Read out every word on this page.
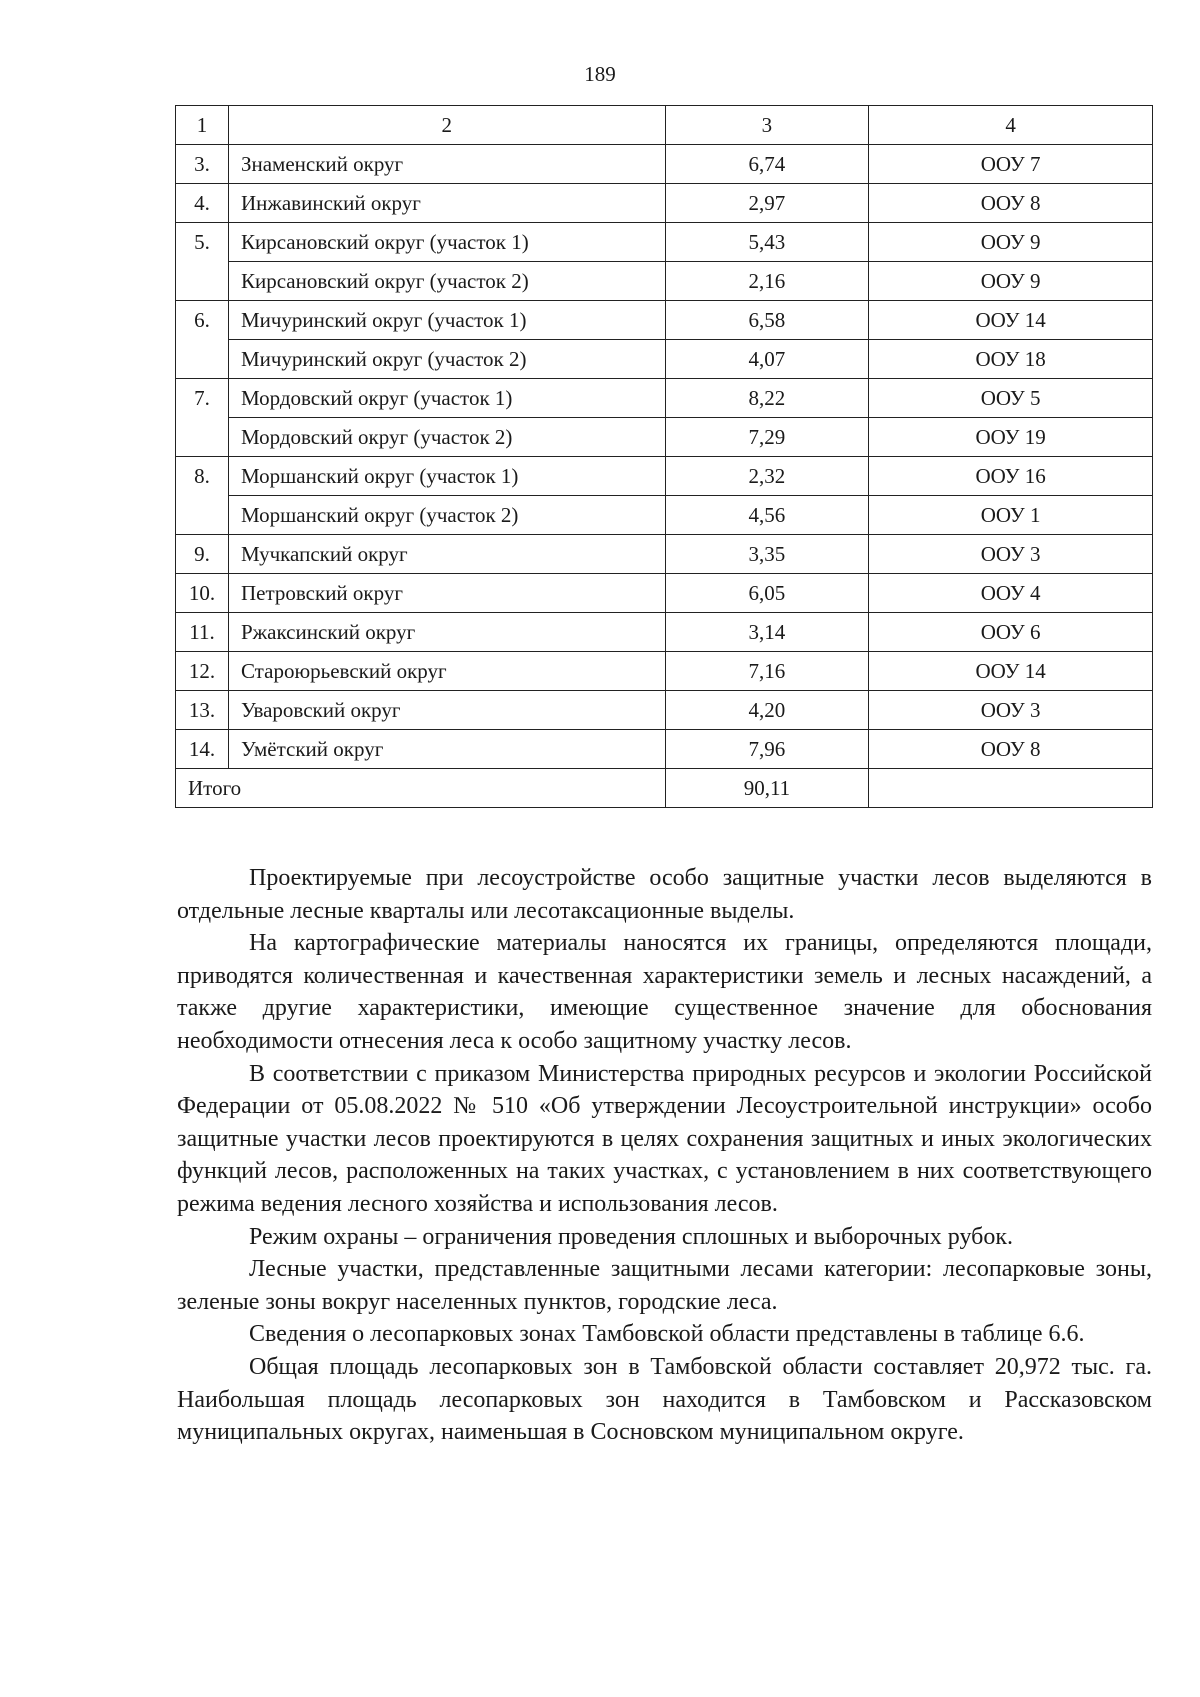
189
1	2	3	4
3.	Знаменский округ	6,74	ООУ 7
4.	Инжавинский округ	2,97	ООУ 8
5.	Кирсановский округ (участок 1)	5,43	ООУ 9
	Кирсановский округ (участок 2)	2,16	ООУ 9
6.	Мичуринский округ (участок 1)	6,58	ООУ 14
	Мичуринский округ (участок 2)	4,07	ООУ 18
7.	Мордовский округ (участок 1)	8,22	ООУ 5
	Мордовский округ (участок 2)	7,29	ООУ 19
8.	Моршанский округ (участок 1)	2,32	ООУ 16
	Моршанский округ (участок 2)	4,56	ООУ 1
9.	Мучкапский округ	3,35	ООУ 3
10.	Петровский округ	6,05	ООУ 4
11.	Ржаксинский округ	3,14	ООУ 6
12.	Староюрьевский округ	7,16	ООУ 14
13.	Уваровский округ	4,20	ООУ 3
14.	Умётский округ	7,96	ООУ 8
Итого		90,11	

Проектируемые при лесоустройстве особо защитные участки лесов выделяются в отдельные лесные кварталы или лесотаксационные выделы.

На картографические материалы наносятся их границы, определяются площади, приводятся количественная и качественная характеристики земель и лесных насаждений, а также другие характеристики, имеющие существенное значение для обоснования необходимости отнесения леса к особо защитному участку лесов.

В соответствии с приказом Министерства природных ресурсов и экологии Российской Федерации от 05.08.2022 № 510 «Об утверждении Лесоустроительной инструкции» особо защитные участки лесов проектируются в целях сохранения защитных и иных экологических функций лесов, расположенных на таких участках, с установлением в них соответствующего режима ведения лесного хозяйства и использования лесов.

Режим охраны – ограничения проведения сплошных и выборочных рубок.

Лесные участки, представленные защитными лесами категории: лесопарковые зоны, зеленые зоны вокруг населенных пунктов, городские леса.

Сведения о лесопарковых зонах Тамбовской области представлены в таблице 6.6.

Общая площадь лесопарковых зон в Тамбовской области составляет 20,972 тыс. га. Наибольшая площадь лесопарковых зон находится в Тамбовском и Рассказовском муниципальных округах, наименьшая в Сосновском муниципальном округе.
